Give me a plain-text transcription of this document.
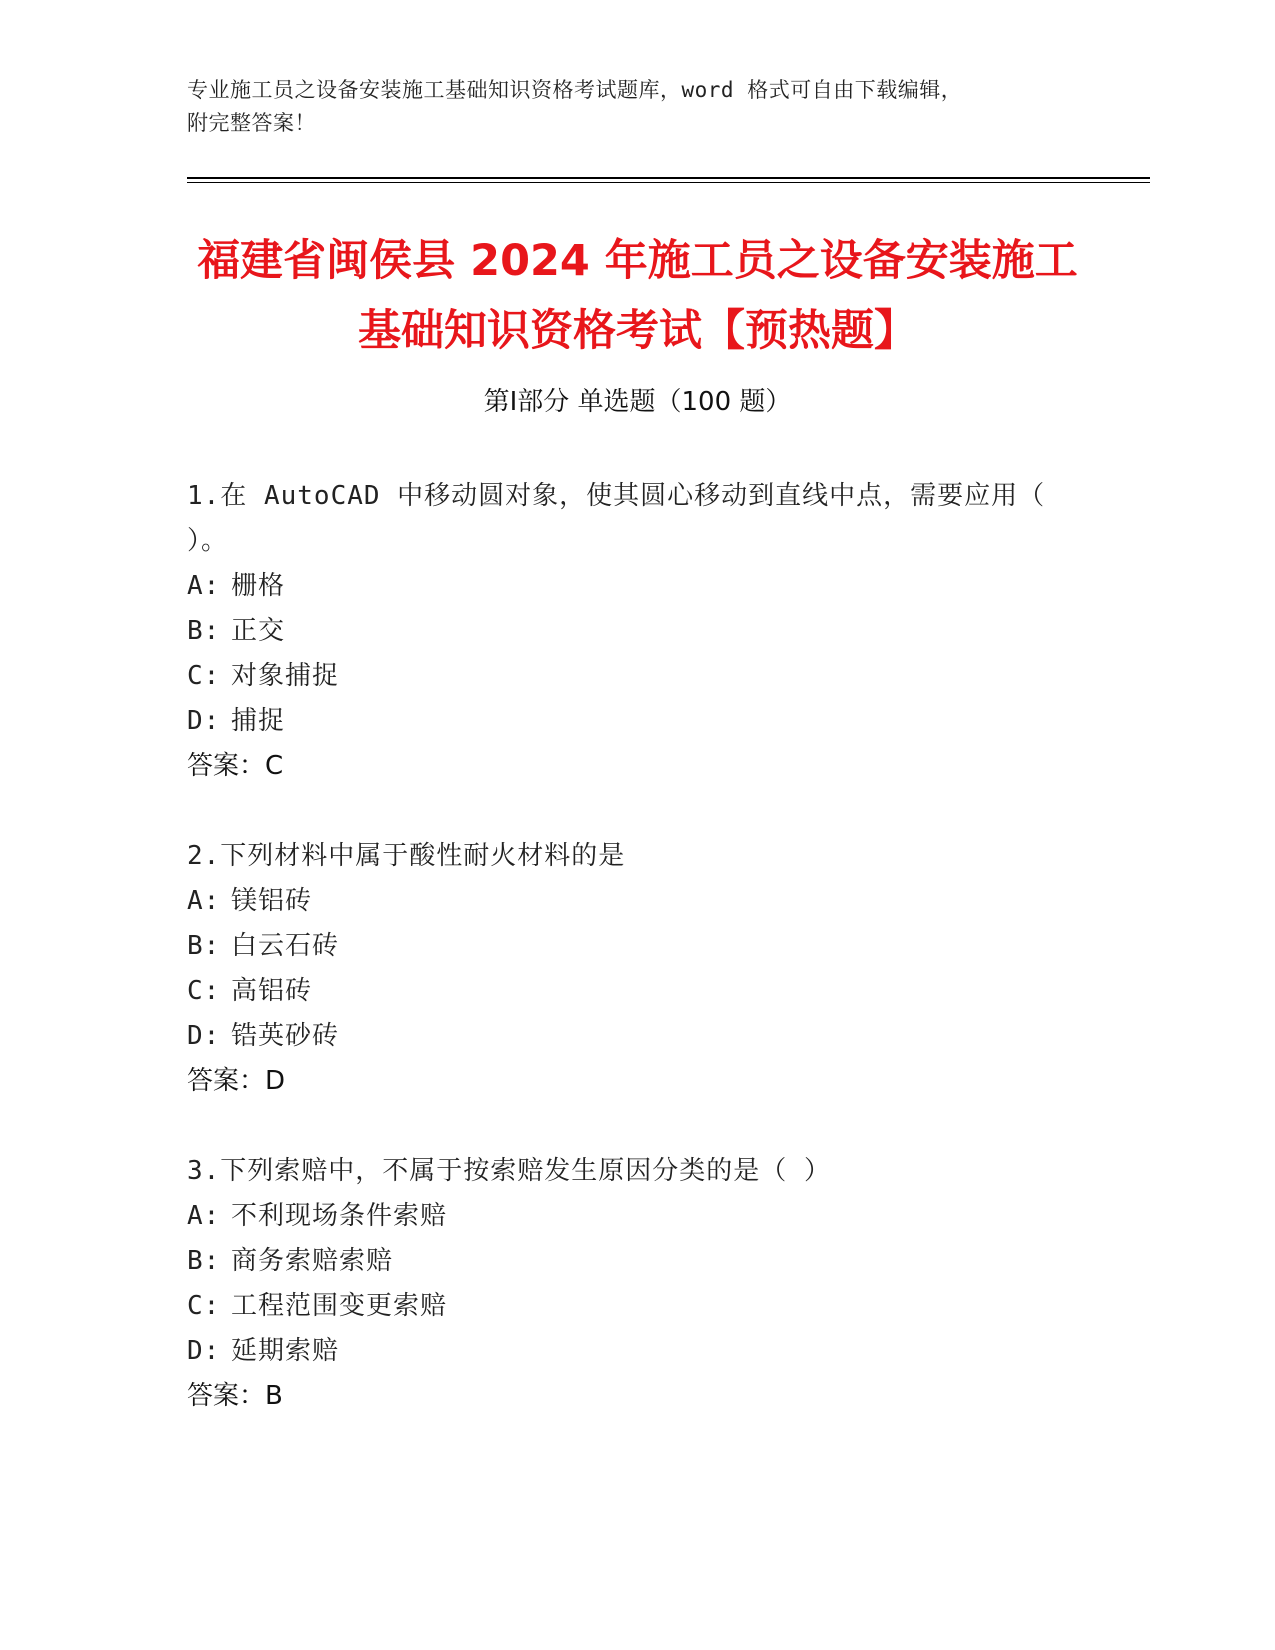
专业施工员之设备安装施工基础知识资格考试题库，word 格式可自由下载编辑，
附完整答案！
福建省闽侯县 2024 年施工员之设备安装施工
基础知识资格考试【预热题】
第Ⅰ部分 单选题（100 题）
1.在 AutoCAD 中移动圆对象，使其圆心移动到直线中点，需要应用（ ）。
A: 栅格
B: 正交
C: 对象捕捉
D: 捕捉
答案：C
2.下列材料中属于酸性耐火材料的是
A: 镁铝砖
B: 白云石砖
C: 高铝砖
D: 锆英砂砖
答案：D
3.下列索赔中，不属于按索赔发生原因分类的是（ ）
A: 不利现场条件索赔
B: 商务索赔索赔
C: 工程范围变更索赔
D: 延期索赔
答案：B
